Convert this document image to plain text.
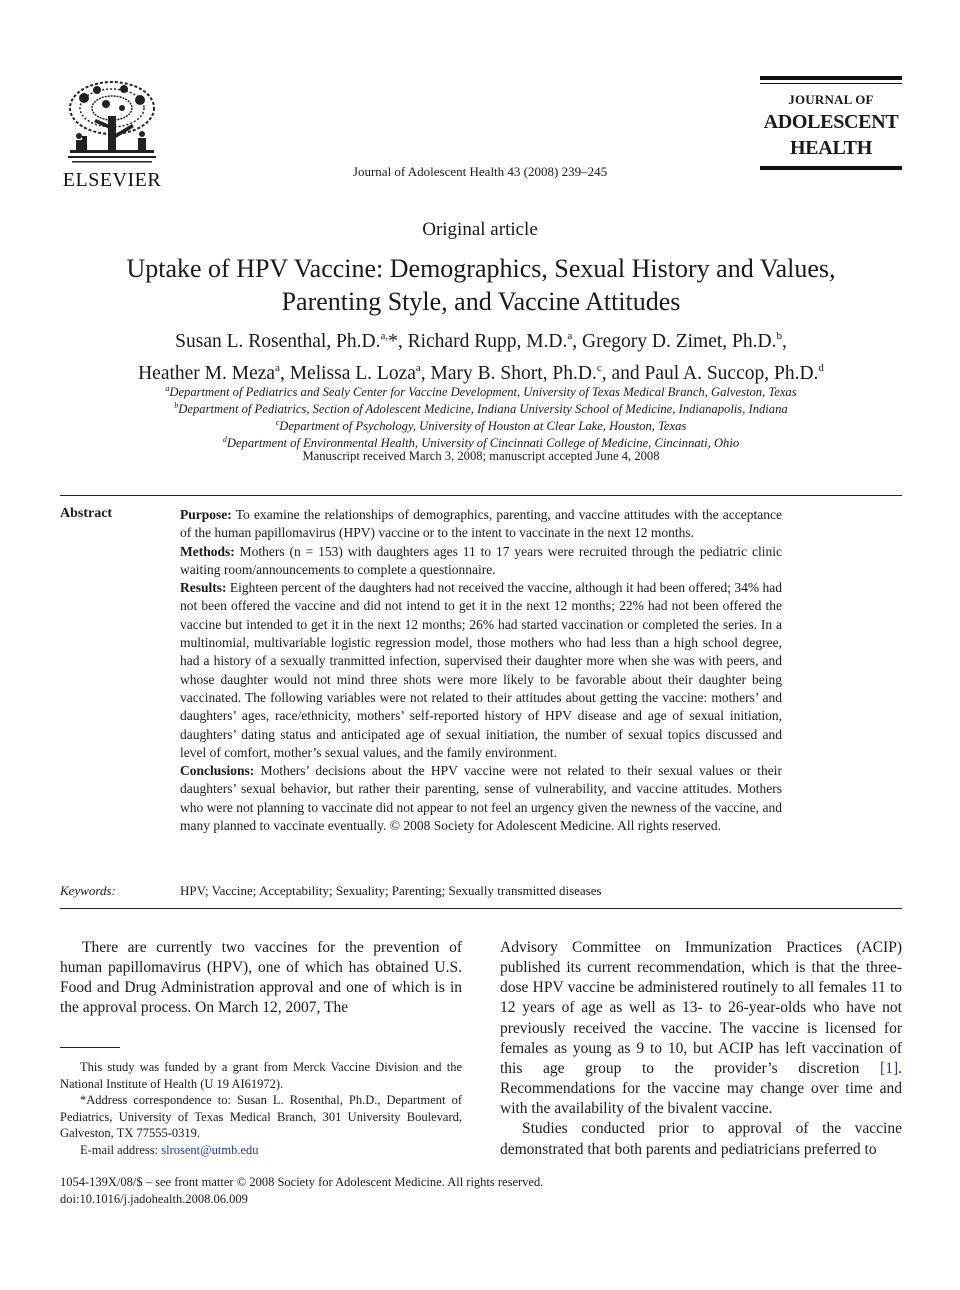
ELSEVIER	Journal of Adolescent Health 43 (2008) 239–245
JOURNAL OF
ADOLESCENT
HEALTH
Original article
Uptake of HPV Vaccine: Demographics, Sexual History and Values,
Parenting Style, and Vaccine Attitudes
Susan L. Rosenthal, Ph.D.$^{a,}$*, Richard Rupp, M.D.$^a$, Gregory D. Zimet, Ph.D.$^b$,
Heather M. Meza$^a$, Melissa L. Loza$^a$, Mary B. Short, Ph.D.$^c$, and Paul A. Succop, Ph.D.$^d$
$^a$Department of Pediatrics and Sealy Center for Vaccine Development, University of Texas Medical Branch, Galveston, Texas
$^b$Department of Pediatrics, Section of Adolescent Medicine, Indiana University School of Medicine, Indianapolis, Indiana
$^c$Department of Psychology, University of Houston at Clear Lake, Houston, Texas
$^d$Department of Environmental Health, University of Cincinnati College of Medicine, Cincinnati, Ohio
Manuscript received March 3, 2008; manuscript accepted June 4, 2008
Abstract	Purpose: To examine the relationships of demographics, parenting, and vaccine attitudes with the acceptance of the human papillomavirus (HPV) vaccine or to the intent to vaccinate in the next 12 months.

Methods: Mothers (n = 153) with daughters ages 11 to 17 years were recruited through the pediatric clinic waiting room/announcements to complete a questionnaire.

Results: Eighteen percent of the daughters had not received the vaccine, although it had been offered; 34% had not been offered the vaccine and did not intend to get it in the next 12 months; 22% had not been offered the vaccine but intended to get it in the next 12 months; 26% had started vaccination or completed the series. In a multinomial, multivariable logistic regression model, those mothers who had less than a high school degree, had a history of a sexually tranmitted infection, supervised their daughter more when she was with peers, and whose daughter would not mind three shots were more likely to be favorable about their daughter being vaccinated. The following variables were not related to their attitudes about getting the vaccine: mothers’ and daughters’ ages, race/ethnicity, mothers’ self-reported history of HPV disease and age of sexual initiation, daughters’ dating status and anticipated age of sexual initiation, the number of sexual topics discussed and level of comfort, mother’s sexual values, and the family environment.

Conclusions: Mothers’ decisions about the HPV vaccine were not related to their sexual values or their daughters’ sexual behavior, but rather their parenting, sense of vulnerability, and vaccine attitudes. Mothers who were not planning to vaccinate did not appear to not feel an urgency given the newness of the vaccine, and many planned to vaccinate eventually. © 2008 Society for Adolescent Medicine. All rights reserved.

Keywords:	HPV; Vaccine; Acceptability; Sexuality; Parenting; Sexually transmitted diseases

There are currently two vaccines for the prevention of human papillomavirus (HPV), one of which has obtained U.S. Food and Drug Administration approval and one of which is in the approval process. On March 12, 2007, The

Advisory Committee on Immunization Practices (ACIP) published its current recommendation, which is that the three-dose HPV vaccine be administered routinely to all females 11 to 12 years of age as well as 13- to 26-year-olds who have not previously received the vaccine. The vaccine is licensed for females as young as 9 to 10, but ACIP has left vaccination of this age group to the provider’s discretion [1]. Recommendations for the vaccine may change over time and with the availability of the bivalent vaccine.

Studies conducted prior to approval of the vaccine demonstrated that both parents and pediatricians preferred to

This study was funded by a grant from Merck Vaccine Division and the National Institute of Health (U 19 AI61972).

*Address correspondence to: Susan L. Rosenthal, Ph.D., Department of Pediatrics, University of Texas Medical Branch, 301 University Boulevard, Galveston, TX 77555-0319.

E-mail address: slrosent@utmb.edu

1054-139X/08/$ – see front matter © 2008 Society for Adolescent Medicine. All rights reserved.
doi:10.1016/j.jadohealth.2008.06.009
